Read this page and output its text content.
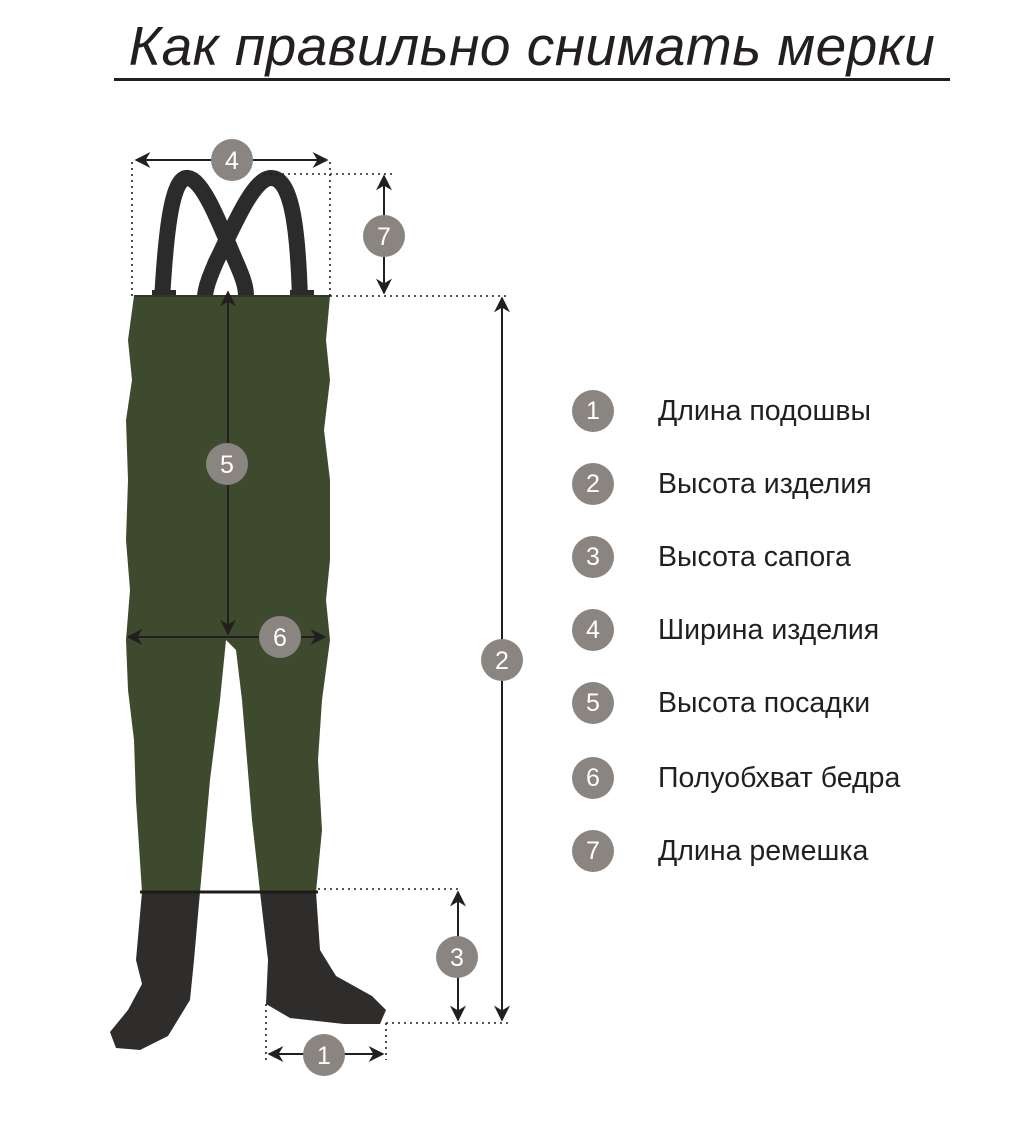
Как правильно снимать мерки
4
7
5
6
2
3
1
1	Длина подошвы
2	Высота изделия
3	Высота сапога
4	Ширина изделия
5	Высота посадки
6	Полуобхват бедра
7	Длина ремешка
